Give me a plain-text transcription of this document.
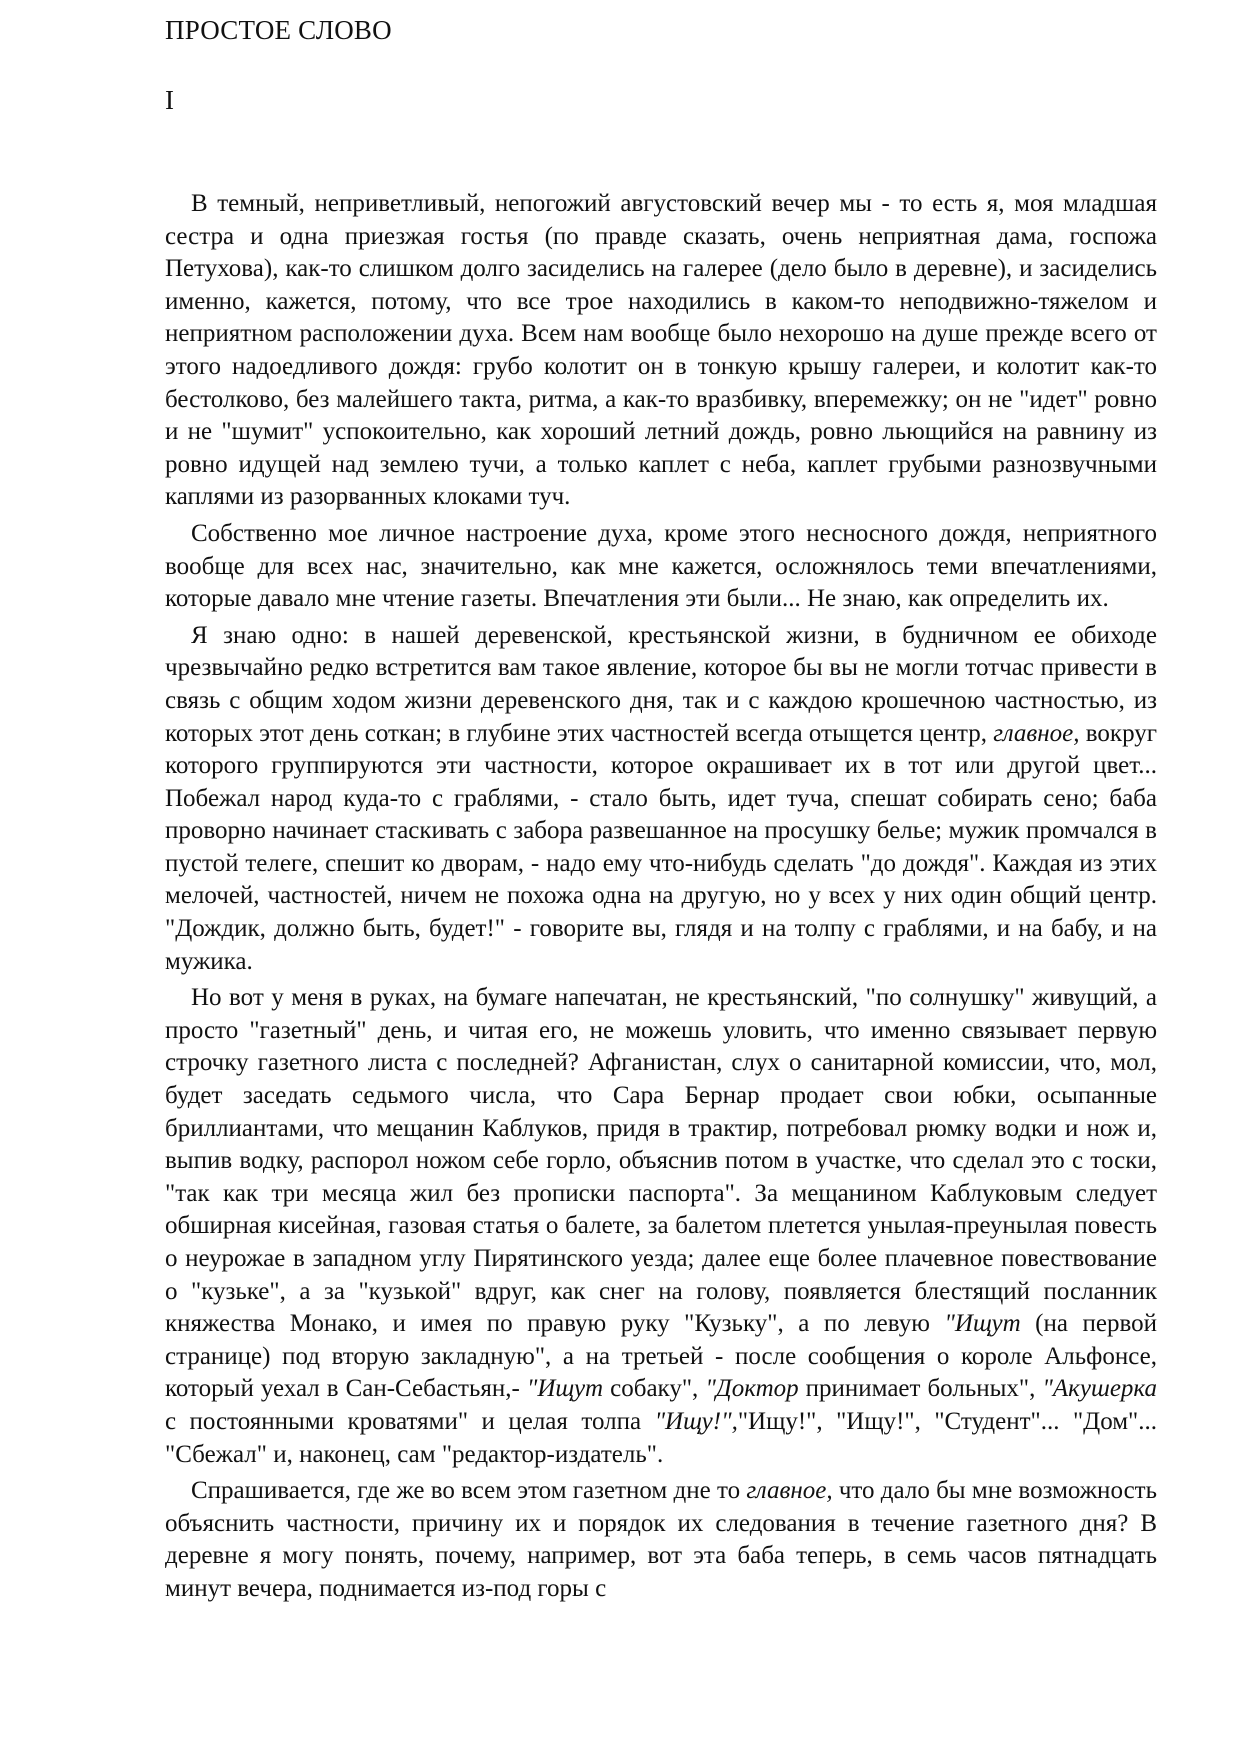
ПРОСТОЕ СЛОВО
I

В темный, неприветливый, непогожий августовский вечер мы - то есть я, моя младшая сестра и одна приезжая гостья (по правде сказать, очень неприятная дама, госпожа Петухова), как-то слишком долго засиделись на галерее (дело было в деревне), и засиделись именно, кажется, потому, что все трое находились в каком-то неподвижно-тяжелом и неприятном расположении духа. Всем нам вообще было нехорошо на душе прежде всего от этого надоедливого дождя: грубо колотит он в тонкую крышу галереи, и колотит как-то бестолково, без малейшего такта, ритма, а как-то вразбивку, вперемежку; он не "идет" ровно и не "шумит" успокоительно, как хороший летний дождь, ровно льющийся на равнину из ровно идущей над землею тучи, а только каплет с неба, каплет грубыми разнозвучными каплями из разорванных клоками туч.

Собственно мое личное настроение духа, кроме этого несносного дождя, неприятного вообще для всех нас, значительно, как мне кажется, осложнялось теми впечатлениями, которые давало мне чтение газеты. Впечатления эти были... Не знаю, как определить их.

Я знаю одно: в нашей деревенской, крестьянской жизни, в будничном ее обиходе чрезвычайно редко встретится вам такое явление, которое бы вы не могли тотчас привести в связь с общим ходом жизни деревенского дня, так и с каждою крошечною частностью, из которых этот день соткан; в глубине этих частностей всегда отыщется центр, главное, вокруг которого группируются эти частности, которое окрашивает их в тот или другой цвет... Побежал народ куда-то с граблями, - стало быть, идет туча, спешат собирать сено; баба проворно начинает стаскивать с забора развешанное на просушку белье; мужик промчался в пустой телеге, спешит ко дворам, - надо ему что-нибудь сделать "до дождя". Каждая из этих мелочей, частностей, ничем не похожа одна на другую, но у всех у них один общий центр. "Дождик, должно быть, будет!" - говорите вы, глядя и на толпу с граблями, и на бабу, и на мужика.

Но вот у меня в руках, на бумаге напечатан, не крестьянский, "по солнушку" живущий, а просто "газетный" день, и читая его, не можешь уловить, что именно связывает первую строчку газетного листа с последней? Афганистан, слух о санитарной комиссии, что, мол, будет заседать седьмого числа, что Сара Бернар продает свои юбки, осыпанные бриллиантами, что мещанин Каблуков, придя в трактир, потребовал рюмку водки и нож и, выпив водку, распорол ножом себе горло, объяснив потом в участке, что сделал это с тоски, "так как три месяца жил без прописки паспорта". За мещанином Каблуковым следует обширная кисейная, газовая статья о балете, за балетом плетется унылая-преунылая повесть о неурожае в западном углу Пирятинского уезда; далее еще более плачевное повествование о "кузьке", а за "кузькой" вдруг, как снег на голову, появляется блестящий посланник княжества Монако, и имея по правую руку "Кузьку", а по левую "Ищут (на первой странице) под вторую закладную", а на третьей - после сообщения о короле Альфонсе, который уехал в Сан-Себастьян,- "Ищут собаку", "Доктор принимает больных", "Акушерка с постоянными кроватями" и целая толпа "Ищу!","Ищу!", "Ищу!", "Студент"... "Дом"... "Сбежал" и, наконец, сам "редактор-издатель".

Спрашивается, где же во всем этом газетном дне то главное, что дало бы мне возможность объяснить частности, причину их и порядок их следования в течение газетного дня? В деревне я могу понять, почему, например, вот эта баба теперь, в семь часов пятнадцать минут вечера, поднимается из-под горы с
